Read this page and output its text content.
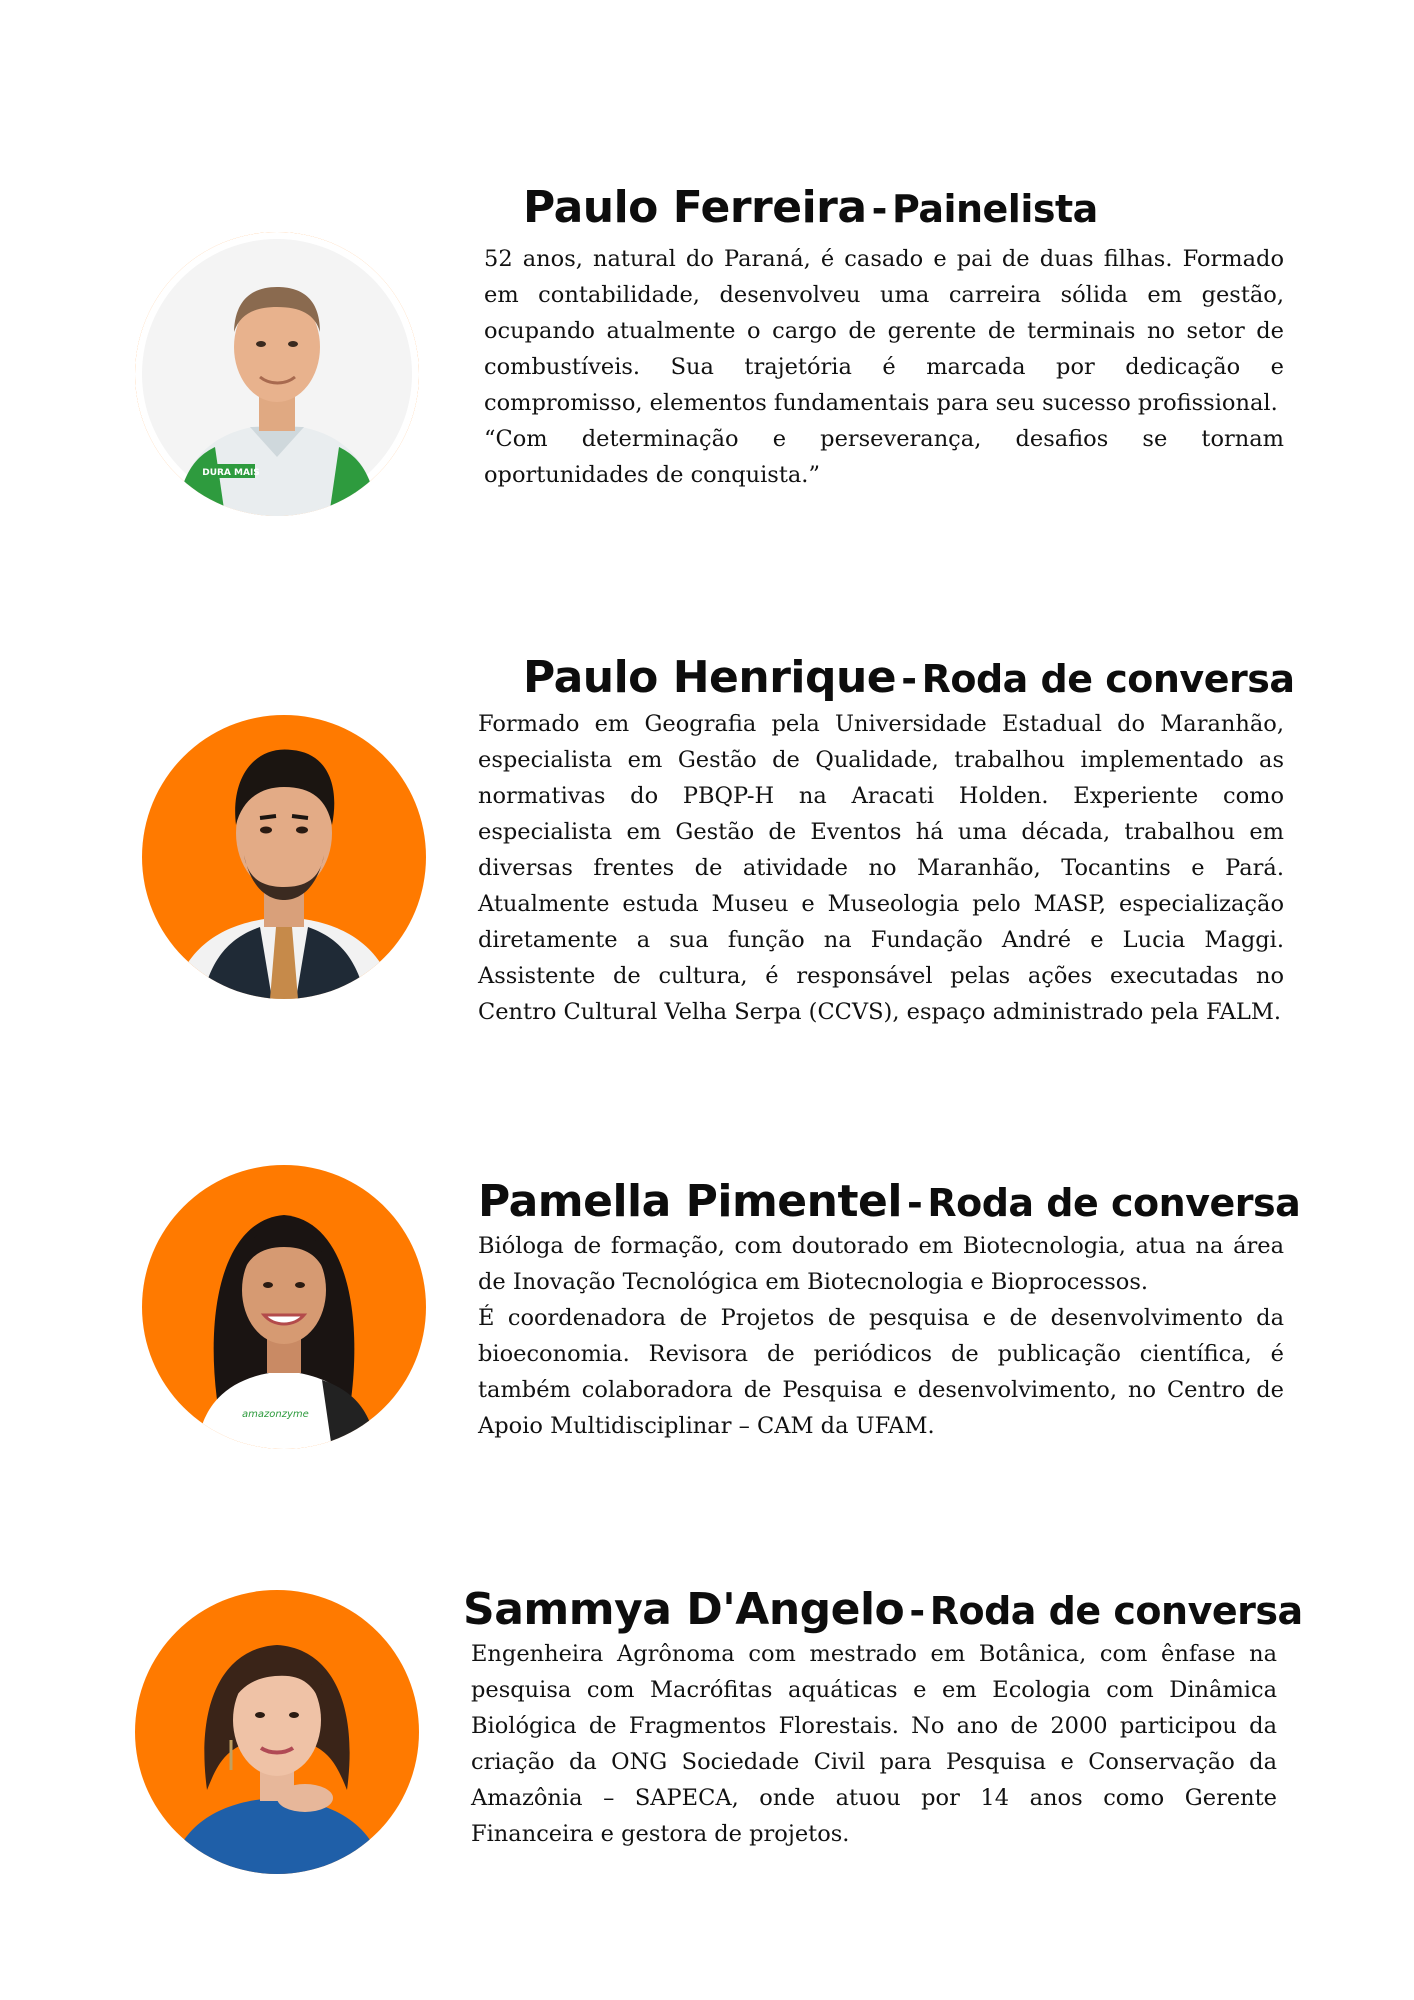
DURA MAIS
Paulo Ferreira - Painelista

52 anos, natural do Paraná, é casado e pai de duas filhas. Formado em contabilidade, desenvolveu uma carreira sólida em gestão, ocupando atualmente o cargo de gerente de terminais no setor de combustíveis. Sua trajetória é marcada por dedicação e compromisso, elementos fundamentais para seu sucesso profissional.

“Com determinação e perseverança, desafios se tornam oportunidades de conquista.”

Paulo Henrique - Roda de conversa

Formado em Geografia pela Universidade Estadual do Maranhão, especialista em Gestão de Qualidade, trabalhou implementado as normativas do PBQP-H na Aracati Holden. Experiente como especialista em Gestão de Eventos há uma década, trabalhou em diversas frentes de atividade no Maranhão, Tocantins e Pará. Atualmente estuda Museu e Museologia pelo MASP, especialização diretamente a sua função na Fundação André e Lucia Maggi. Assistente de cultura, é responsável pelas ações executadas no Centro Cultural Velha Serpa (CCVS), espaço administrado pela FALM.

amazonzyme
Pamella Pimentel - Roda de conversa

Bióloga de formação, com doutorado em Biotecnologia, atua na área de Inovação Tecnológica em Biotecnologia e Bioprocessos.

É coordenadora de Projetos de pesquisa e de desenvolvimento da bioeconomia. Revisora de periódicos de publicação científica, é também colaboradora de Pesquisa e desenvolvimento, no Centro de Apoio Multidisciplinar – CAM da UFAM.

Sammya D'Angelo - Roda de conversa

Engenheira Agrônoma com mestrado em Botânica, com ênfase na pesquisa com Macrófitas aquáticas e em Ecologia com Dinâmica Biológica de Fragmentos Florestais. No ano de 2000 participou da criação da ONG Sociedade Civil para Pesquisa e Conservação da Amazônia – SAPECA, onde atuou por 14 anos como Gerente Financeira e gestora de projetos.
